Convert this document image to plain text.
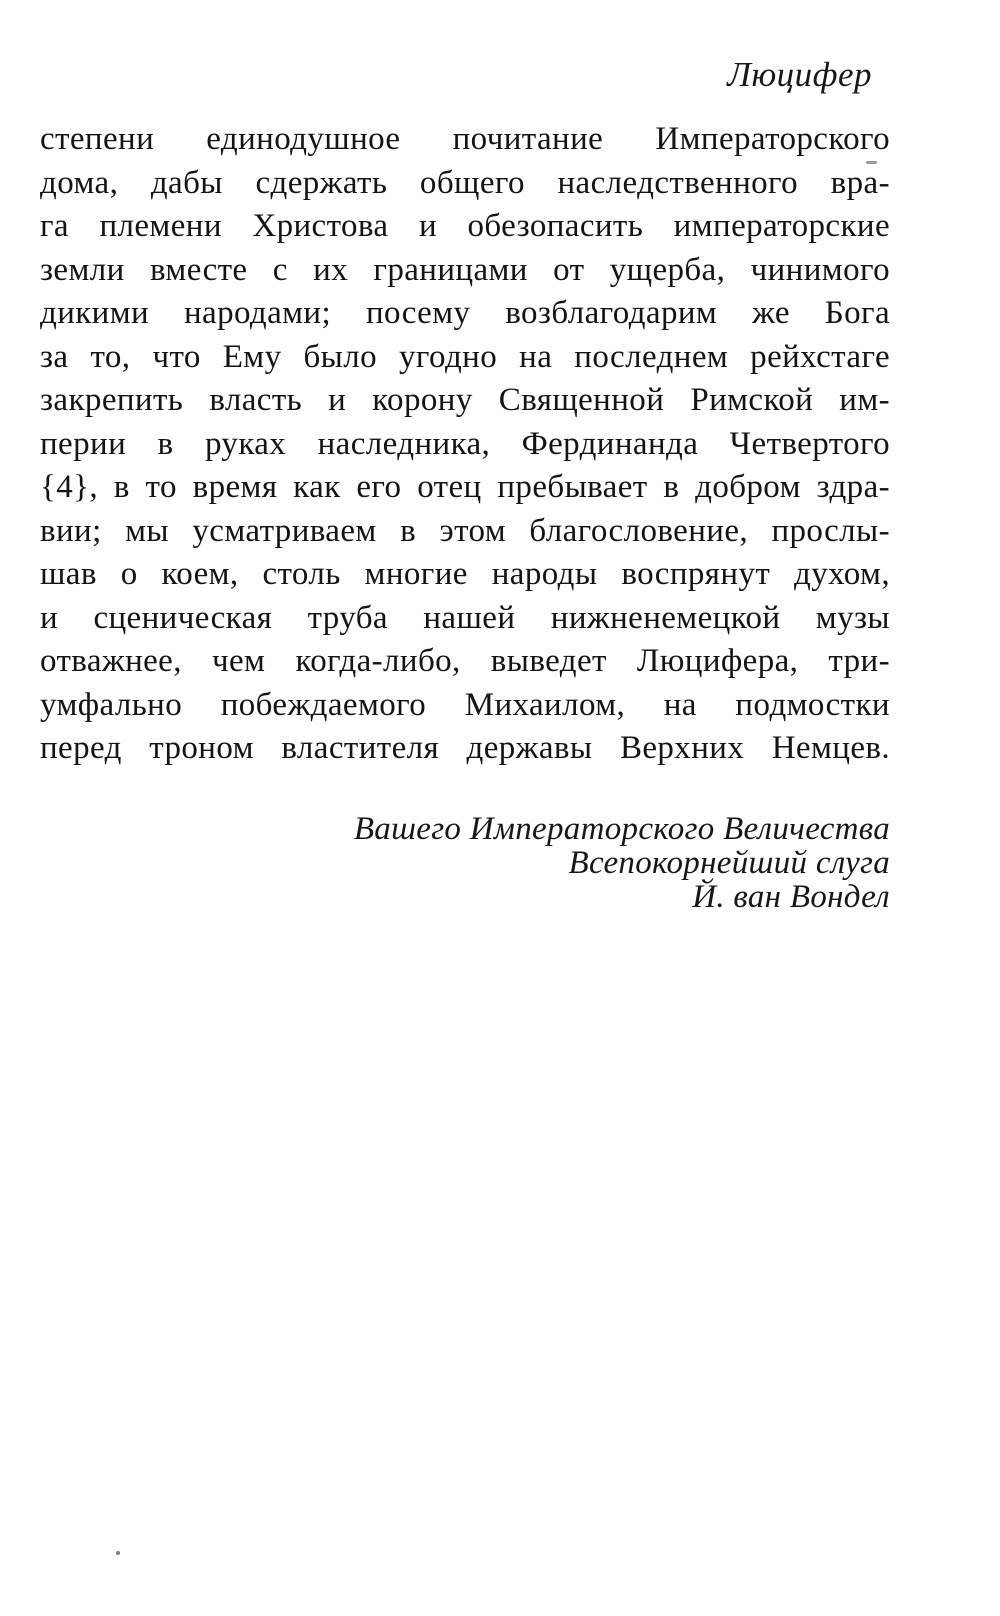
Люцифер
степени единодушное почитание Императорского
дома, дабы сдержать общего наследственного вра-
га племени Христова и обезопасить императорские
земли вместе с их границами от ущерба, чинимого
дикими народами; посему возблагодарим же Бога
за то, что Ему было угодно на последнем рейхстаге
закрепить власть и корону Священной Римской им-
перии в руках наследника, Фердинанда Четвертого
{4}, в то время как его отец пребывает в добром здра-
вии; мы усматриваем в этом благословение, прослы-
шав о коем, столь многие народы воспрянут духом,
и сценическая труба нашей нижненемецкой музы
отважнее, чем когда-либо, выведет Люцифера, три-
умфально побеждаемого Михаилом, на подмостки
перед троном властителя державы Верхних Немцев.
Вашего Императорского Величества
Всепокорнейший слуга
Й. ван Вондел
